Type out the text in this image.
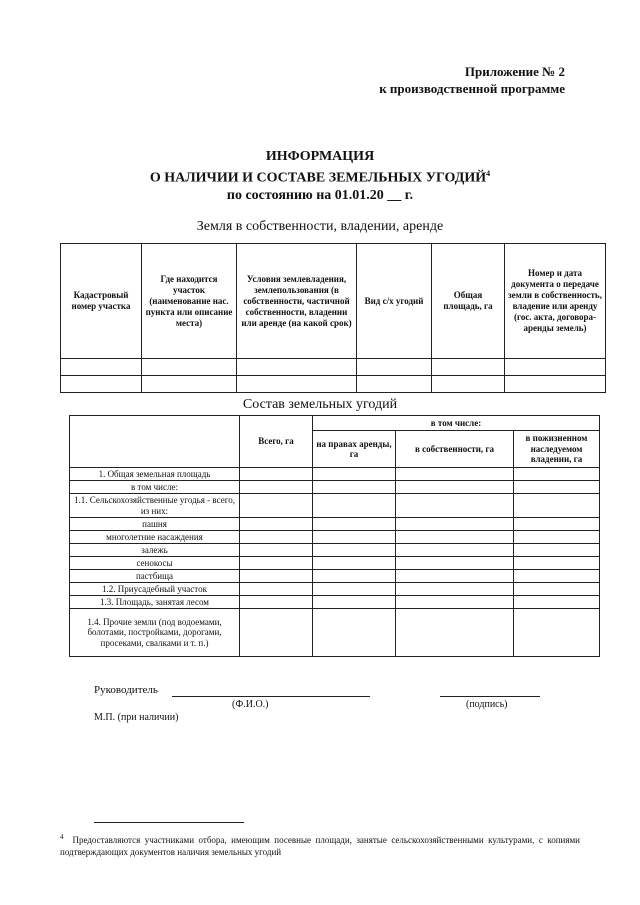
Приложение № 2
к производственной программе
ИНФОРМАЦИЯ
О НАЛИЧИИ И СОСТАВЕ ЗЕМЕЛЬНЫХ УГОДИЙ$^4$
по состоянию на 01.01.20 __ г.
Земля в собственности, владении, аренде
Кадастровый номер участка	Где находится участок (наименование нас. пункта или описание места)	Условия землевладения, землепользования (в собственности, частичной собственности, владении или аренде (на какой срок)	Вид с/х угодий	Общая площадь, га	Номер и дата документа о передаче земли в собственность, владение или аренду (гос. акта, договора-аренды земель)

Состав земельных угодий
	Всего, га	в том числе:		
		на правах аренды, га	в собственности, га	в пожизненном наследуемом владении, га
1. Общая земельная площадь				
в том числе:				
1.1. Сельскохозяйственные угодья - всего, из них:				
пашня				
многолетние насаждения				
залежь				
сенокосы				
пастбища				
1.2. Приусадебный участок				
1.3. Площадь, занятая лесом				
1.4. Прочие земли (под водоемами, болотами, постройками, дорогами, просеками, свалками и т. п.)				
Руководитель
(Ф.И.О.)	(подпись)
М.П. (при наличии)
$^4$ Предоставляются участниками отбора, имеющим посевные площади, занятые сельскохозяйственными культурами, с копиями подтверждающих документов наличия земельных угодий
